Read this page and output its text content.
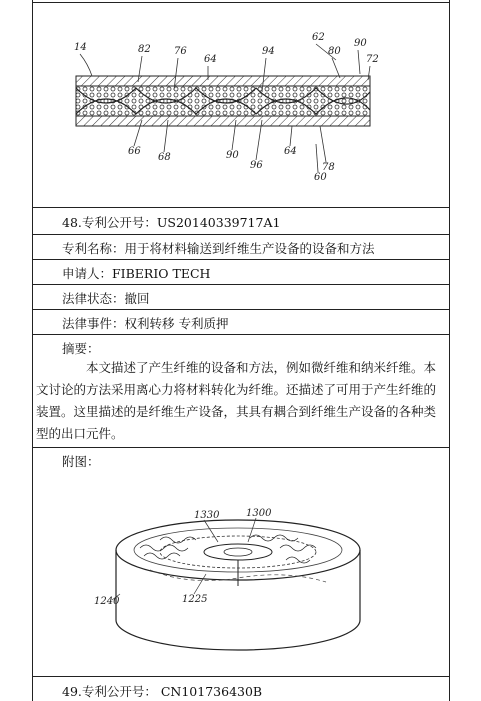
14	82 76
64
94
62
80
90
72
66
68	90
96
64
78
60
48.专利公开号：US20140339717A1
专利名称：用于将材料输送到纤维生产设备的设备和方法
申请人：FIBERIO TECH
法律状态：撤回
法律事件：权利转移 专利质押
摘要：
本文描述了产生纤维的设备和方法，例如微纤维和纳米纤维。本文讨论的方法采用离心力将材料转化为纤维。还描述了可用于产生纤维的装置。这里描述的是纤维生产设备，其具有耦合到纤维生产设备的各种类型的出口元件。
附图：
1330	1300
1240	1225
49.专利公开号： CN101736430B
